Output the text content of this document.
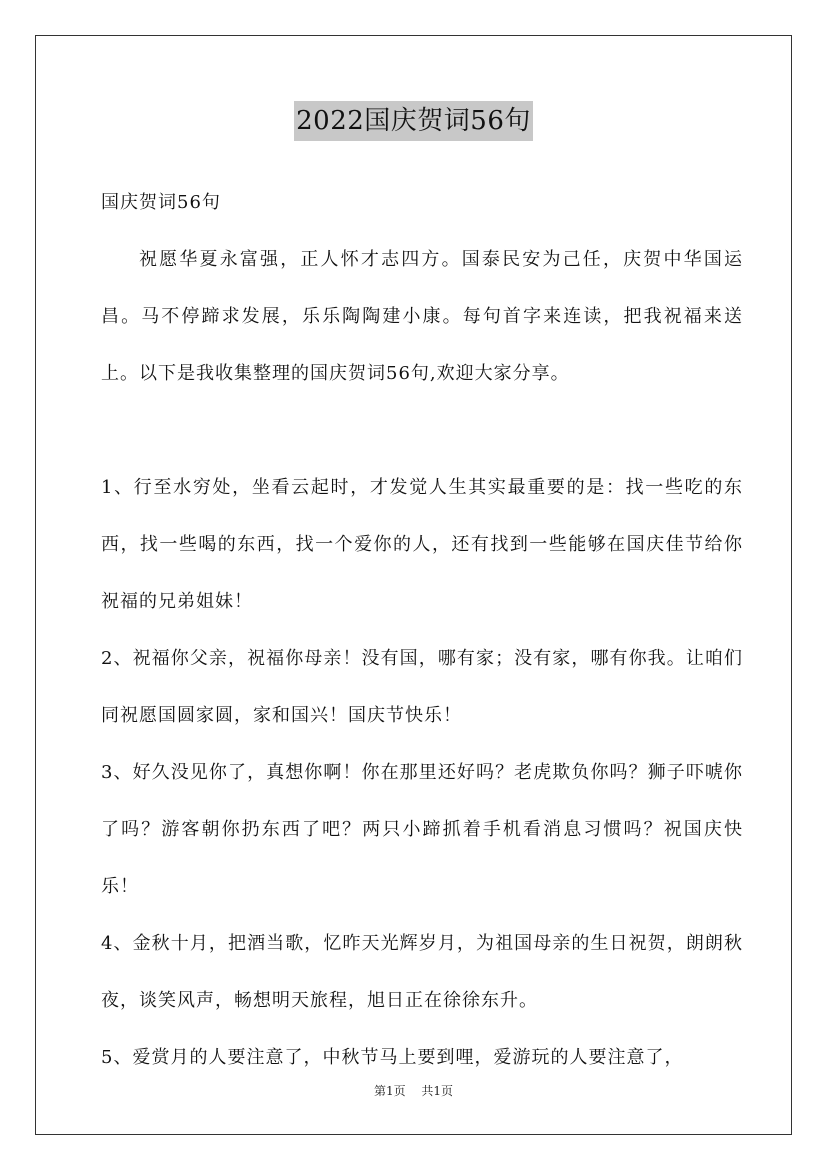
2022国庆贺词56句

国庆贺词56句

祝愿华夏永富强，正人怀才志四方。国泰民安为己任，庆贺中华国运昌。马不停蹄求发展，乐乐陶陶建小康。每句首字来连读，把我祝福来送上。以下是我收集整理的国庆贺词56句,欢迎大家分享。

1、行至水穷处，坐看云起时，才发觉人生其实最重要的是：找一些吃的东西，找一些喝的东西，找一个爱你的人，还有找到一些能够在国庆佳节给你祝福的兄弟姐妹！

2、祝福你父亲，祝福你母亲！没有国，哪有家；没有家，哪有你我。让咱们同祝愿国圆家圆，家和国兴！国庆节快乐！

3、好久没见你了，真想你啊！你在那里还好吗？老虎欺负你吗？狮子吓唬你了吗？游客朝你扔东西了吧？两只小蹄抓着手机看消息习惯吗？祝国庆快乐！

4、金秋十月，把酒当歌，忆昨天光辉岁月，为祖国母亲的生日祝贺，朗朗秋夜，谈笑风声，畅想明天旅程，旭日正在徐徐东升。

5、爱赏月的人要注意了，中秋节马上要到哩，爱游玩的人要注意了，

第1页 共1页
